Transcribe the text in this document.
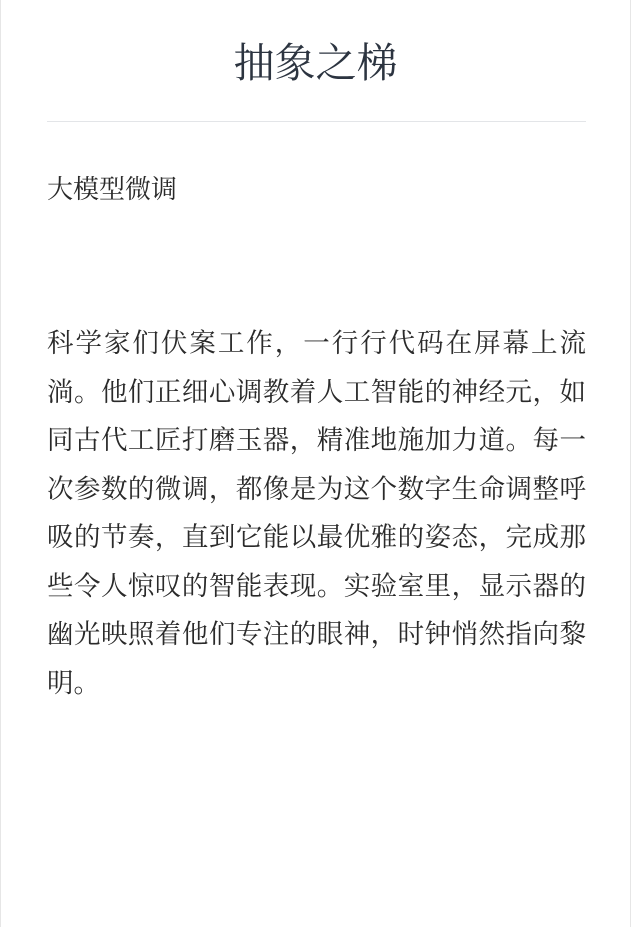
抽象之梯
大模型微调

科学家们伏案工作，一行行代码在屏幕上流淌。他们正细心调教着人工智能的神经元，如同古代工匠打磨玉器，精准地施加力道。每一次参数的微调，都像是为这个数字生命调整呼吸的节奏，直到它能以最优雅的姿态，完成那些令人惊叹的智能表现。实验室里，显示器的幽光映照着他们专注的眼神，时钟悄然指向黎明。
